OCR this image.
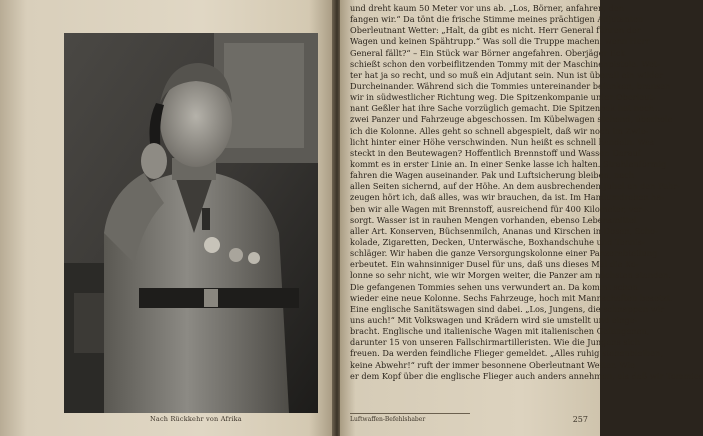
Nach Rückkehr von Afrika
und dreht kaum 50 Meter vor uns ab. „Los, Börner, anfahren, den
fangen wir.“ Da tönt die frische Stimme meines prächtigen Adjutanten
Oberleutnant Wetter: „Halt, da gibt es nicht. Herr General führen der
Wagen und keinen Spähtrupp.“ Was soll die Truppe machen, wenn Herr
General fällt?“ – Ein Stück war Börner angefahren. Oberjäger Eck
schießt schon den vorbeiflitzenden Tommy mit der Maschinenpistole. Wet-
ter hat ja so recht, und so muß ein Adjutant sein. Nun ist überall ein wilder
Durcheinander. Während sich die Tommies untereinander befunken, brausen
wir in südwestlicher Richtung weg. Die Spitzenkompanie unter Oberleut-
nant Geßler hat ihre Sache vorzüglich gemacht. Die Spitzenpak hat noch
zwei Panzer und Fahrzeuge abgeschossen. Im Kübelwagen stehend, überhole
ich die Kolonne. Alles geht so schnell abgespielt, daß wir noch im Zwie-
licht hinter einer Höhe verschwinden. Nun heißt es schnell handeln. Was
steckt in den Beutewagen? Hoffentlich Brennstoff und Wasser. Darauf
kommt es in erster Linie an. In einer Senke lasse ich halten. Strahlenförmig
fahren die Wagen auseinander. Pak und Luftsicherung bleiben, nach
allen Seiten sichernd, auf der Höhe. An dem ausbrechenden Jubel an den Fahr-
zeugen hört ich, daß alles, was wir brauchen, da ist. Im Handumdrehen ha-
ben wir alle Wagen mit Brennstoff, ausreichend für 400 Kilometer, ver-
sorgt. Wasser ist in rauhen Mengen vorhanden, ebenso Lebensmittel
aller Art. Konserven, Büchsenmilch, Ananas und Kirschen in Dosen, Scho-
kolade, Zigaretten, Decken, Unterwäsche, Boxhandschuhe und Tennis-
schläger. Wir haben die ganze Versorgungskolonne einer Panzerabteilung
erbeutet. Ein wahnsinniger Dusel für uns, daß uns dieses Mal die Ko-
lonne so sehr nicht, wie wir Morgen weiter, die Panzer am nächsten standen.
Die gefangenen Tommies sehen uns verwundert an. Da kommt schon
wieder eine neue Kolonne. Sechs Fahrzeuge, hoch mit Mannschaften besetzt.
Eine englische Sanitätswagen sind dabei. „Los, Jungens, die schnappen wir
uns auch!“ Mit Volkswagen und Krädern wird sie umstellt und einge-
bracht. Englische und italienische Wagen mit italienischen Gefangenen,
darunter 15 von unseren Fallschirmartilleristen. Wie die Jungens sich
freuen. Da werden feindliche Flieger gemeldet. „Alles ruhig stehenbleiben,
keine Abwehr!“ ruft der immer besonnene Oberleutnant Wetter. Wie
er dem Kopf über die englische Flieger auch anders annehmen, als daß wir Tommies
Luftwaffen-Befehlshaber	257
